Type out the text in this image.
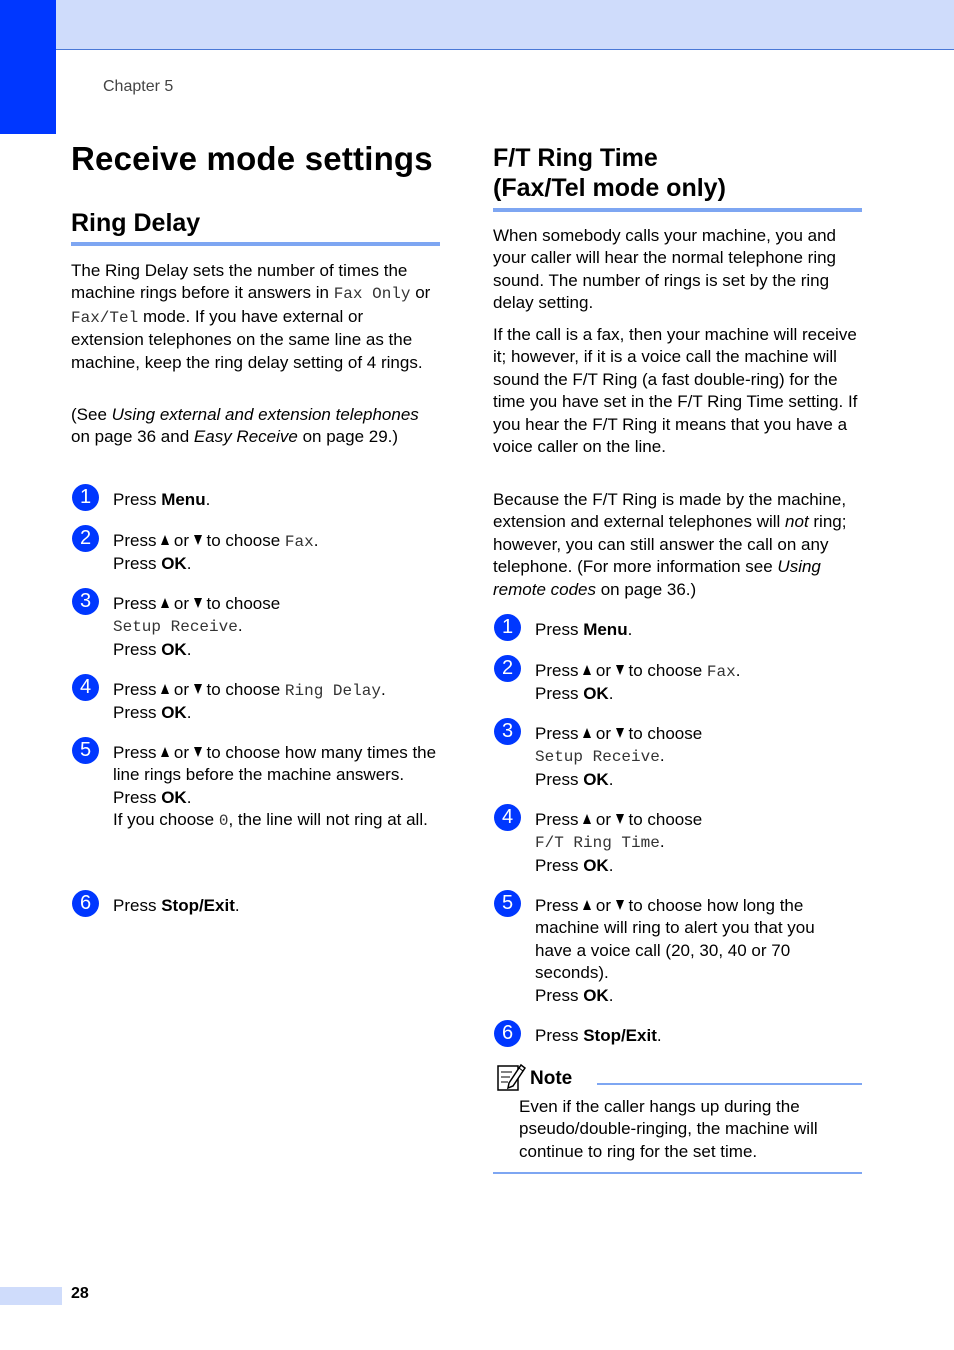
Chapter 5
Receive mode settings
Ring Delay
The Ring Delay sets the number of times the machine rings before it answers in Fax Only or Fax/Tel mode. If you have external or extension telephones on the same line as the machine, keep the ring delay setting of 4 rings.
(See Using external and extension telephones on page 36 and Easy Receive on page 29.)
1	Press Menu.
2	Press  or  to choose Fax.
Press OK.
3	Press  or  to choose
Setup Receive.
Press OK.
4	Press  or  to choose Ring Delay.
Press OK.
5	Press  or  to choose how many times the line rings before the machine answers.
Press OK.
If you choose 0, the line will not ring at all.
6	Press Stop/Exit.
F/T Ring Time
(Fax/Tel mode only)
When somebody calls your machine, you and your caller will hear the normal telephone ring sound. The number of rings is set by the ring delay setting.
If the call is a fax, then your machine will receive it; however, if it is a voice call the machine will sound the F/T Ring (a fast double-ring) for the time you have set in the F/T Ring Time setting. If you hear the F/T Ring it means that you have a voice caller on the line.
Because the F/T Ring is made by the machine, extension and external telephones will not ring; however, you can still answer the call on any telephone. (For more information see Using remote codes on page 36.)
1	Press Menu.
2	Press  or  to choose Fax.
Press OK.
3	Press  or  to choose
Setup Receive.
Press OK.
4	Press  or  to choose
F/T Ring Time.
Press OK.
5	Press  or  to choose how long the machine will ring to alert you that you have a voice call (20, 30, 40 or 70 seconds).
Press OK.
6	Press Stop/Exit.
Note
Even if the caller hangs up during the pseudo/double-ringing, the machine will continue to ring for the set time.
28
